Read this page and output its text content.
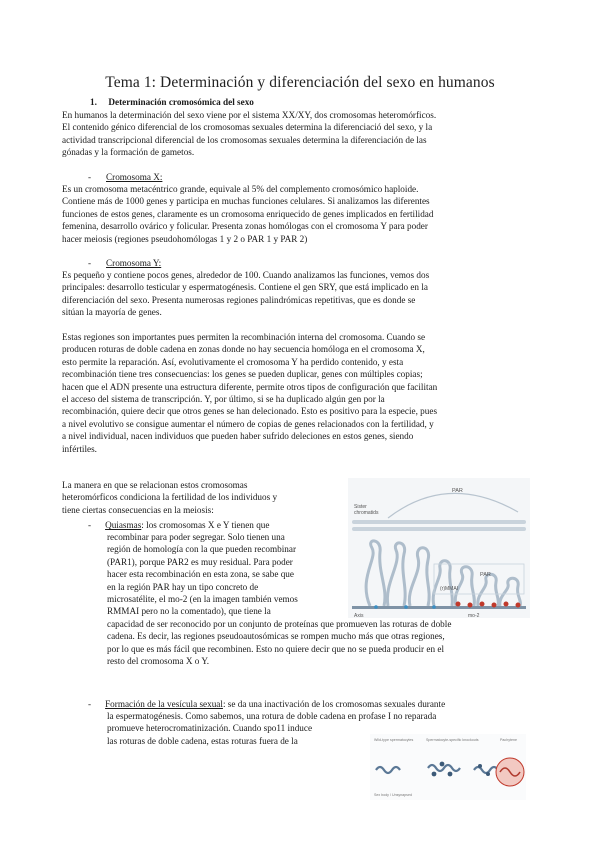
Tema 1: Determinación y diferenciación del sexo en humanos
1. Determinación cromosómica del sexo
En humanos la determinación del sexo viene por el sistema XX/XY, dos cromosomas heteromórficos.
El contenido génico diferencial de los cromosomas sexuales determina la diferenciació del sexo, y la
actividad transcripcional diferencial de los cromosomas sexuales determina la diferenciación de las
gónadas y la formación de gametos.
- Cromosoma X:
Es un cromosoma metacéntrico grande, equivale al 5% del complemento cromosómico haploide.
Contiene más de 1000 genes y participa en muchas funciones celulares. Si analizamos las diferentes
funciones de estos genes, claramente es un cromosoma enriquecido de genes implicados en fertilidad
femenina, desarrollo ovárico y folicular. Presenta zonas homólogas con el cromosoma Y para poder
hacer meiosis (regiones pseudohomólogas 1 y 2 o PAR 1 y PAR 2)
- Cromosoma Y:
Es pequeño y contiene pocos genes, alrededor de 100. Cuando analizamos las funciones, vemos dos
principales: desarrollo testicular y espermatogénesis. Contiene el gen SRY, que está implicado en la
diferenciación del sexo. Presenta numerosas regiones palindrómicas repetitivas, que es donde se
sitúan la mayoría de genes.
Estas regiones son importantes pues permiten la recombinación interna del cromosoma. Cuando se
producen roturas de doble cadena en zonas donde no hay secuencia homóloga en el cromosoma X,
esto permite la reparación. Así, evolutivamente el cromosoma Y ha perdido contenido, y esta
recombinación tiene tres consecuencias: los genes se pueden duplicar, genes con múltiples copias;
hacen que el ADN presente una estructura diferente, permite otros tipos de configuración que facilitan
el acceso del sistema de transcripción. Y, por último, si se ha duplicado algún gen por la
recombinación, quiere decir que otros genes se han delecionado. Esto es positivo para la especie, pues
a nivel evolutivo se consigue aumentar el número de copias de genes relacionados con la fertilidad, y
a nivel individual, nacen individuos que pueden haber sufrido deleciones en estos genes, siendo
infértiles.
La manera en que se relacionan estos cromosomas
heteromórficos condiciona la fertilidad de los individuos y
tiene ciertas consecuencias en la meiosis:
- Quiasmas: los cromosomas X e Y tienen que
recombinar para poder segregar. Solo tienen una
región de homología con la que pueden recombinar
(PAR1), porque PAR2 es muy residual. Para poder
hacer esta recombinación en esta zona, se sabe que
en la región PAR hay un tipo concreto de
microsatélite, el mo-2 (en la imagen también vemos
RMMAI pero no la comentado), que tiene la
capacidad de ser reconocido por un conjunto de proteínas que promueven las roturas de doble
cadena. Es decir, las regiones pseudoautosómicas se rompen mucho más que otras regiones,
por lo que es más fácil que recombinen. Esto no quiere decir que no se pueda producir en el
resto del cromosoma X o Y.
- Formación de la vesícula sexual: se da una inactivación de los cromosomas sexuales durante
la espermatogénesis. Como sabemos, una rotura de doble cadena en profase I no reparada
promueve heterocromatinización. Cuando spo11 induce
las roturas de doble cadena, estas roturas fuera de la
PAR
Sister
chromatids
PAR
(r)MMAI
Axis	mo-2
Wild-type spermatocytes	Spermatocyte-specific knockouts	Pachytene
Sex body / Unsynapsed
